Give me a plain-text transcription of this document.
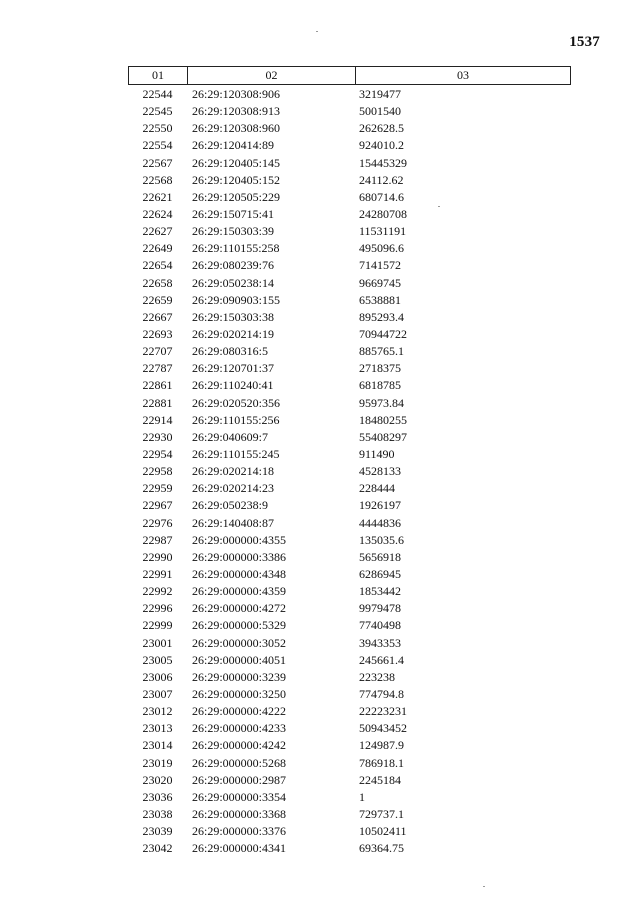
1537
01	02	03
22544	26:29:120308:906	3219477
22545	26:29:120308:913	5001540
22550	26:29:120308:960	262628.5
22554	26:29:120414:89	924010.2
22567	26:29:120405:145	15445329
22568	26:29:120405:152	24112.62
22621	26:29:120505:229	680714.6
22624	26:29:150715:41	24280708
22627	26:29:150303:39	11531191
22649	26:29:110155:258	495096.6
22654	26:29:080239:76	7141572
22658	26:29:050238:14	9669745
22659	26:29:090903:155	6538881
22667	26:29:150303:38	895293.4
22693	26:29:020214:19	70944722
22707	26:29:080316:5	885765.1
22787	26:29:120701:37	2718375
22861	26:29:110240:41	6818785
22881	26:29:020520:356	95973.84
22914	26:29:110155:256	18480255
22930	26:29:040609:7	55408297
22954	26:29:110155:245	911490
22958	26:29:020214:18	4528133
22959	26:29:020214:23	228444
22967	26:29:050238:9	1926197
22976	26:29:140408:87	4444836
22987	26:29:000000:4355	135035.6
22990	26:29:000000:3386	5656918
22991	26:29:000000:4348	6286945
22992	26:29:000000:4359	1853442
22996	26:29:000000:4272	9979478
22999	26:29:000000:5329	7740498
23001	26:29:000000:3052	3943353
23005	26:29:000000:4051	245661.4
23006	26:29:000000:3239	223238
23007	26:29:000000:3250	774794.8
23012	26:29:000000:4222	22223231
23013	26:29:000000:4233	50943452
23014	26:29:000000:4242	124987.9
23019	26:29:000000:5268	786918.1
23020	26:29:000000:2987	2245184
23036	26:29:000000:3354	1
23038	26:29:000000:3368	729737.1
23039	26:29:000000:3376	10502411
23042	26:29:000000:4341	69364.75
